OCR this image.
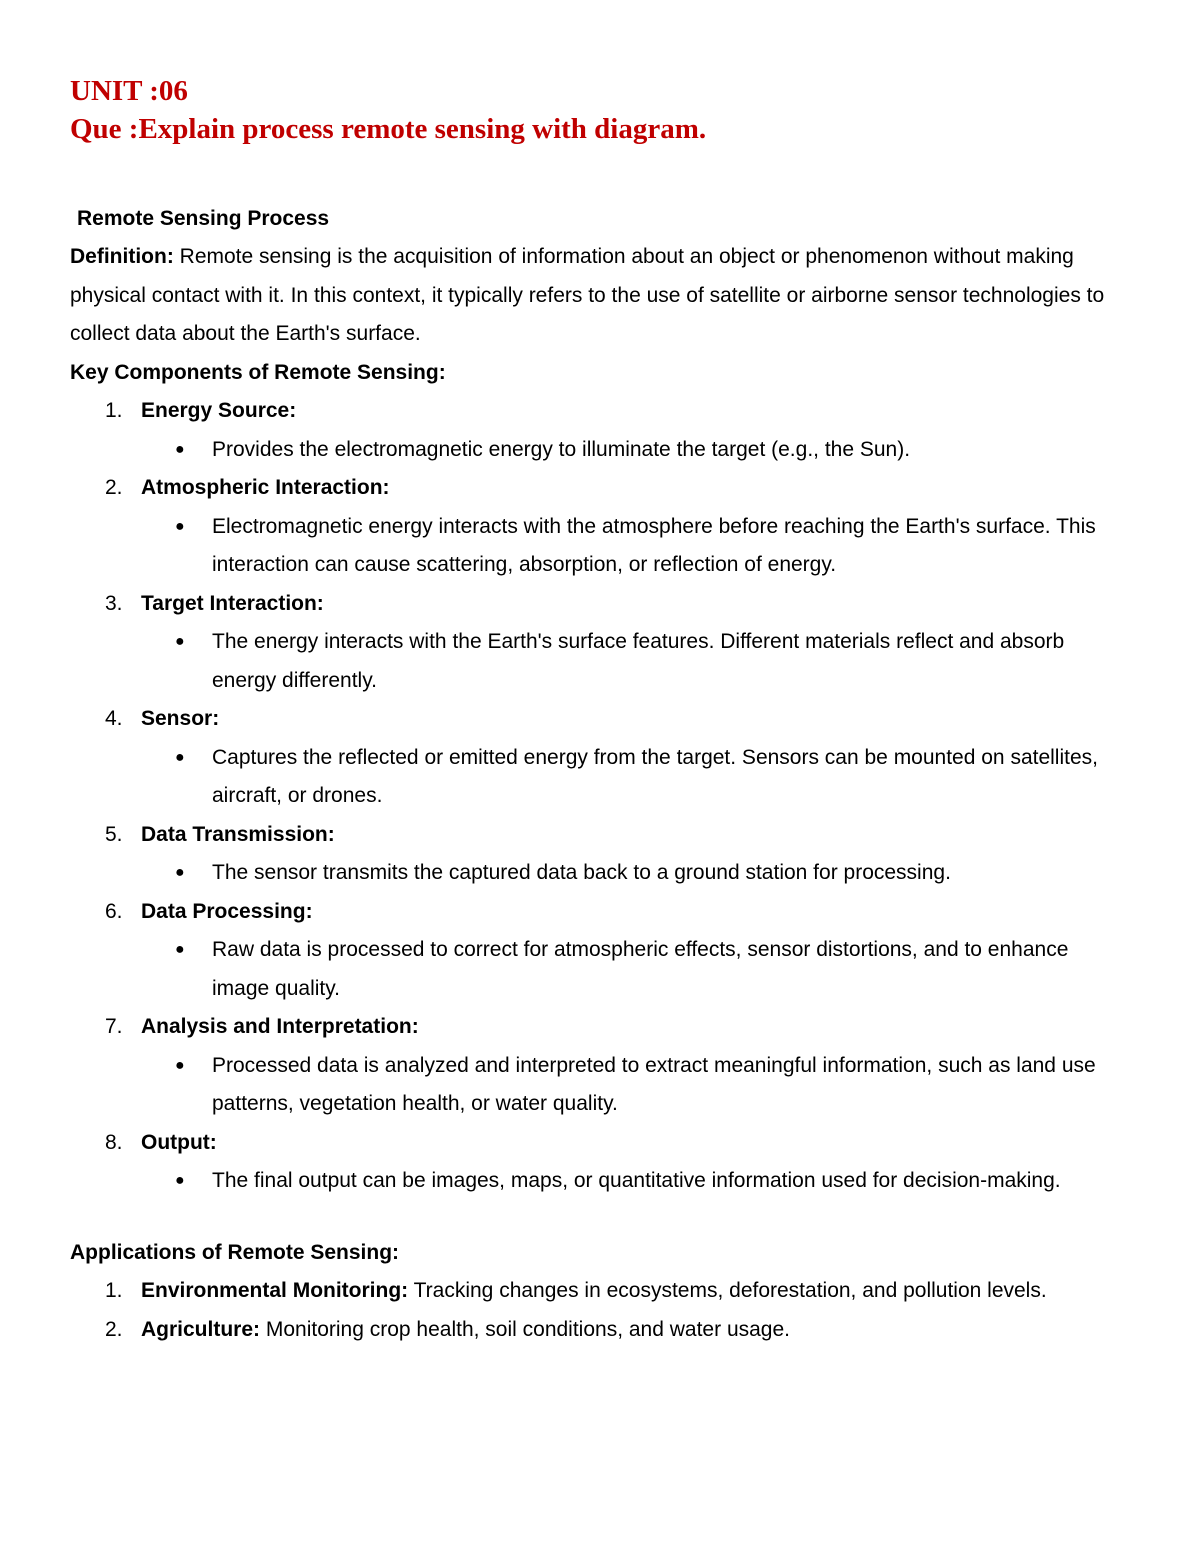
UNIT :06
Que :Explain process remote sensing with diagram.
Remote Sensing Process

Definition: Remote sensing is the acquisition of information about an object or phenomenon without making physical contact with it. In this context, it typically refers to the use of satellite or airborne sensor technologies to collect data about the Earth's surface.

Key Components of Remote Sensing:
1. Energy Source:
● Provides the electromagnetic energy to illuminate the target (e.g., the Sun).
2. Atmospheric Interaction:
● Electromagnetic energy interacts with the atmosphere before reaching the Earth's surface. This interaction can cause scattering, absorption, or reflection of energy.
3. Target Interaction:
● The energy interacts with the Earth's surface features. Different materials reflect and absorb energy differently.
4. Sensor:
● Captures the reflected or emitted energy from the target. Sensors can be mounted on satellites, aircraft, or drones.
5. Data Transmission:
● The sensor transmits the captured data back to a ground station for processing.
6. Data Processing:
● Raw data is processed to correct for atmospheric effects, sensor distortions, and to enhance image quality.
7. Analysis and Interpretation:
● Processed data is analyzed and interpreted to extract meaningful information, such as land use patterns, vegetation health, or water quality.
8. Output:
● The final output can be images, maps, or quantitative information used for decision-making.
Applications of Remote Sensing:
1. Environmental Monitoring: Tracking changes in ecosystems, deforestation, and pollution levels.
2. Agriculture: Monitoring crop health, soil conditions, and water usage.
